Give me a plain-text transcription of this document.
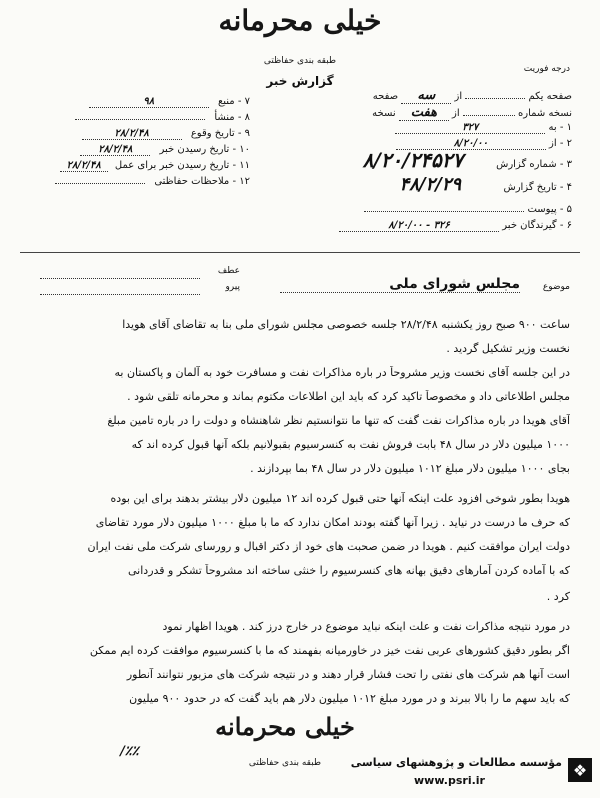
خیلی محرمانه
طبقه بندی حفاظتی
گزارش خبر
درجه فوریت
۷ - منبع ۹۸
۸ - منشأ
۹ - تاریخ وقوع ۲۸/۲/۴۸
۱۰ - تاریخ رسیدن خبر ۲۸/۲/۴۸
۱۱ - تاریخ رسیدن خبر برای عمل ۲۸/۲/۴۸
۱۲ - ملاحظات حفاظتی
صفحه یکم  از سه صفحه
نسخه شماره  از هفت نسخه
۱ - به ۳۲۷
۲ - از ۸/۲۰/۰۰
۳ - شماره گزارش ۸/۲۰/۲۴۵۲۷
۴ - تاریخ گزارش ۴۸/۲/۲۹
۵ - پیوست
۶ - گیرندگان خبر ۳۲۶ - ۸/۲۰/۰۰
عطف
پیرو	موضوع
مجلس شورای ملی
ساعت ۹۰۰ صبح روز یکشنبه ۲۸/۲/۴۸ جلسه خصوصی مجلس شورای ملی بنا به تقاضای آقای هویدا
نخست وزیر تشکیل گردید .
در این جلسه آقای نخست وزیر مشروحاً در باره مذاکرات نفت و مسافرت خود به آلمان و پاکستان به
مجلس اطلاعاتی داد و مخصوصاً تاکید کرد که باید این اطلاعات مکتوم بماند و محرمانه تلقی شود .
آقای هویدا در باره مذاکرات نفت گفت که تنها ما نتوانستیم نظر شاهنشاه و دولت را در باره تامین مبلغ
۱۰۰۰ میلیون دلار در سال ۴۸ بابت فروش نفت به کنسرسیوم بقبولانیم بلکه آنها قبول کرده اند که
بجای ۱۰۰۰ میلیون دلار مبلغ ۱۰۱۲ میلیون دلار در سال ۴۸ بما بپردازند .
هویدا بطور شوخی افزود علت اینکه آنها حتی قبول کرده اند ۱۲ میلیون دلار بیشتر بدهند برای این بوده
که حرف ما درست در نیاید . زیرا آنها گفته بودند امکان ندارد که ما با مبلغ ۱۰۰۰ میلیون دلار مورد تقاضای
دولت ایران موافقت کنیم . هویدا در ضمن صحبت های خود از دکتر اقبال و رورسای شرکت ملی نفت ایران
که با آماده کردن آمارهای دقیق بهانه های کنسرسیوم را خنثی ساخته اند مشروحاً تشکر و قدردانی
کرد .
در مورد نتیجه مذاکرات نفت و علت اینکه نباید موضوع در خارج درز کند . هویدا اظهار نمود
اگر بطور دقیق کشورهای عربی نفت خیز در خاورمیانه بفهمند که ما با کنسرسیوم موافقت کرده ایم ممکن
است آنها هم شرکت های نفتی را تحت فشار قرار دهند و در نتیجه شرکت های مزبور نتوانند آنطور
که باید سهم ما را بالا ببرند و در مورد مبلغ ۱۰۱۲ میلیون دلار هم باید گفت که در حدود ۹۰۰ میلیون
/٪٪
خیلی محرمانه
طبقه بندی حفاظتی	❖
مؤسسه مطالعات و پژوهشهای سیاسی
www.psri.ir
